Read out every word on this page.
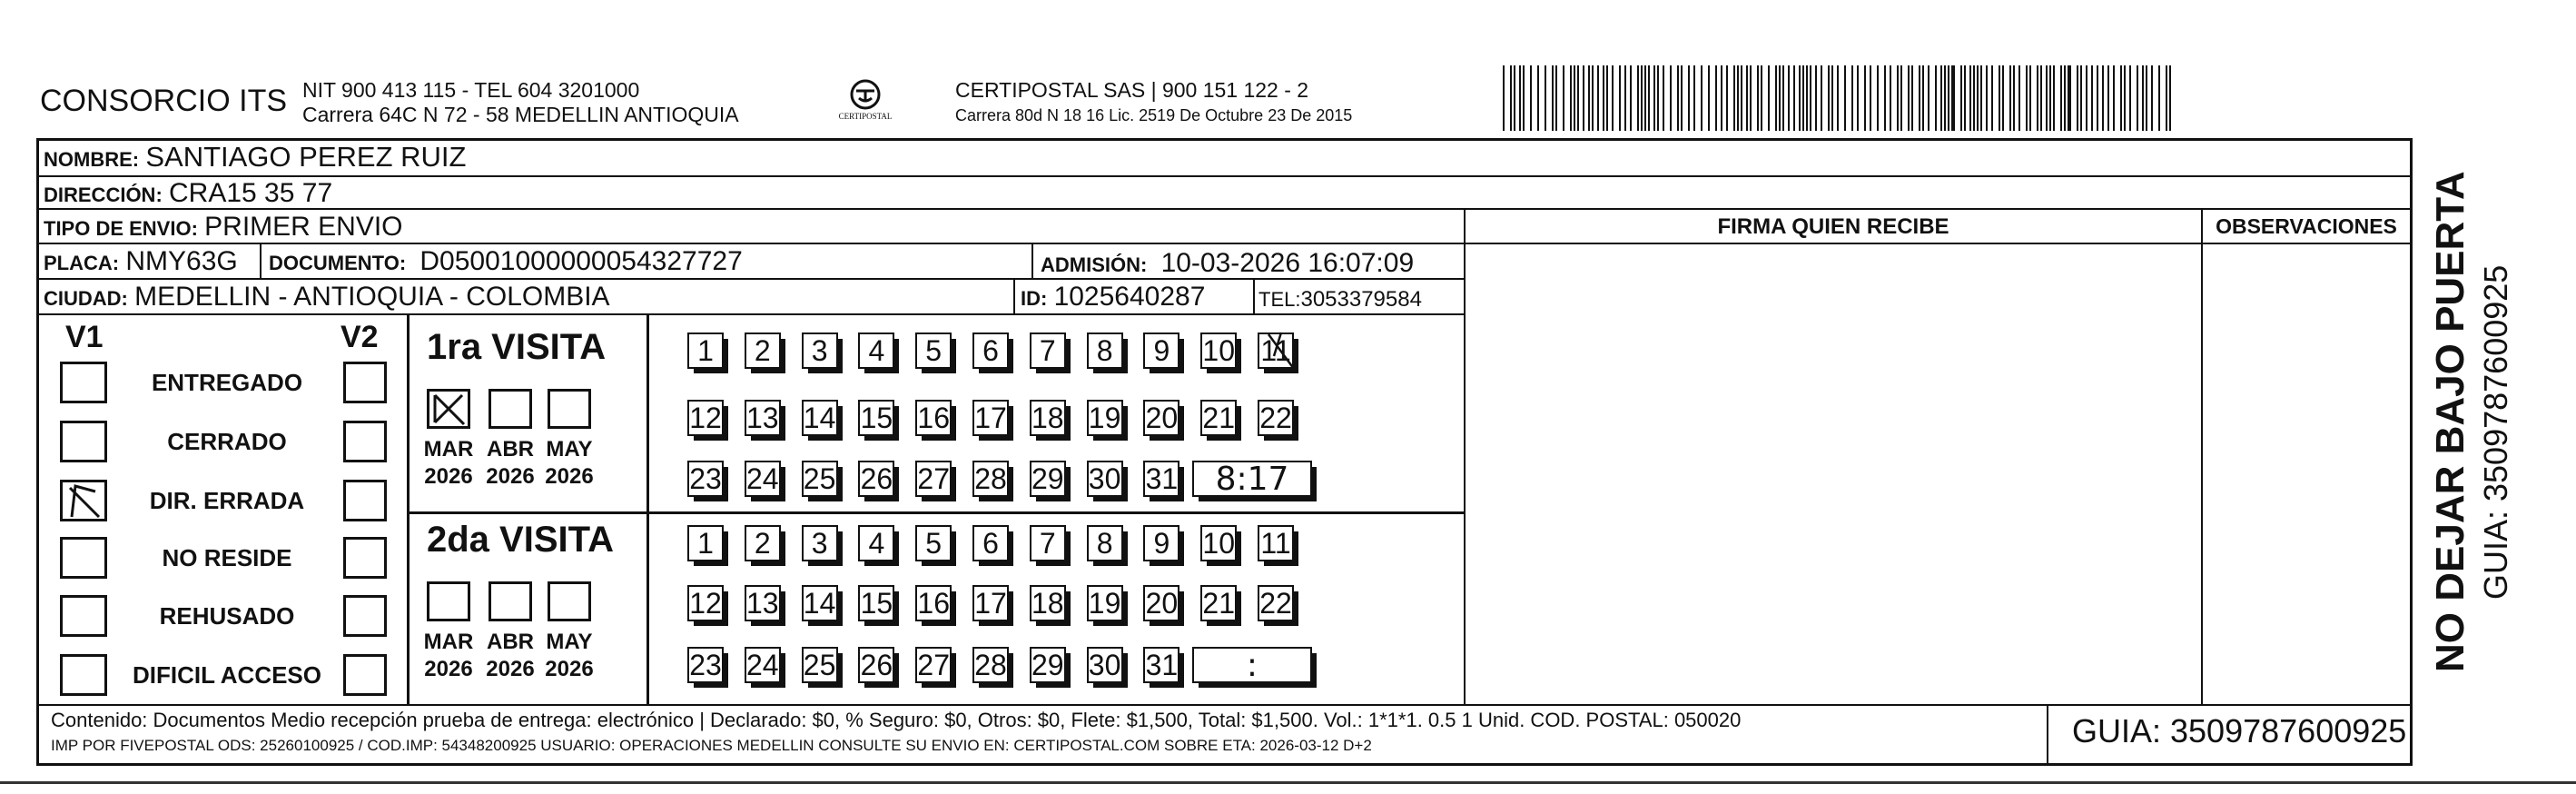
CONSORCIO ITS NIT 900 413 115 - TEL 604 3201000
Carrera 64C N 72 - 58 MEDELLIN ANTIOQUIA	CERTIPOSTAL
CERTIPOSTAL SAS | 900 151 122 - 2
Carrera 80d N 18 16 Lic. 2519 De Octubre 23 De 2015
NOMBRE: SANTIAGO PEREZ RUIZ
DIRECCIÓN: CRA15 35 77
TIPO DE ENVIO: PRIMER ENVIO
PLACA: NMY63G DOCUMENTO: D05001000000054327727	ADMISIÓN: 10-03-2026 16:07:09
CIUDAD: MEDELLIN - ANTIOQUIA - COLOMBIA	ID: 1025640287	TEL:3053379584
FIRMA QUIEN RECIBE	OBSERVACIONES
V1	V2
ENTREGADO
CERRADO
DIR. ERRADA
NO RESIDE
REHUSADO
DIFICIL ACCESO
1ra VISITA
MAR
2026
ABR
2026
MAY
2026
1	2	3	4	5	6	7	8	9	10 11
12 13 14 15 16 17 18 19 20 21 22
23 24 25 26 27 28 29 30 31	8:17
2da VISITA
MAR
2026
ABR
2026
MAY
2026
1	2	3	4	5	6	7	8	9	10 11
12 13 14 15 16 17 18 19 20 21 22
23 24 25 26 27 28 29 30 31	:
Contenido: Documentos Medio recepción prueba de entrega: electrónico | Declarado: $0, % Seguro: $0, Otros: $0, Flete: $1,500, Total: $1,500. Vol.: 1*1*1. 0.5 1 Unid. COD. POSTAL: 050020
IMP POR FIVEPOSTAL ODS: 25260100925 / COD.IMP: 54348200925 USUARIO: OPERACIONES MEDELLIN CONSULTE SU ENVIO EN: CERTIPOSTAL.COM SOBRE ETA: 2026-03-12 D+2	GUIA: 3509787600925
NO DEJAR BAJO PUERTA GUIA: 3509787600925
